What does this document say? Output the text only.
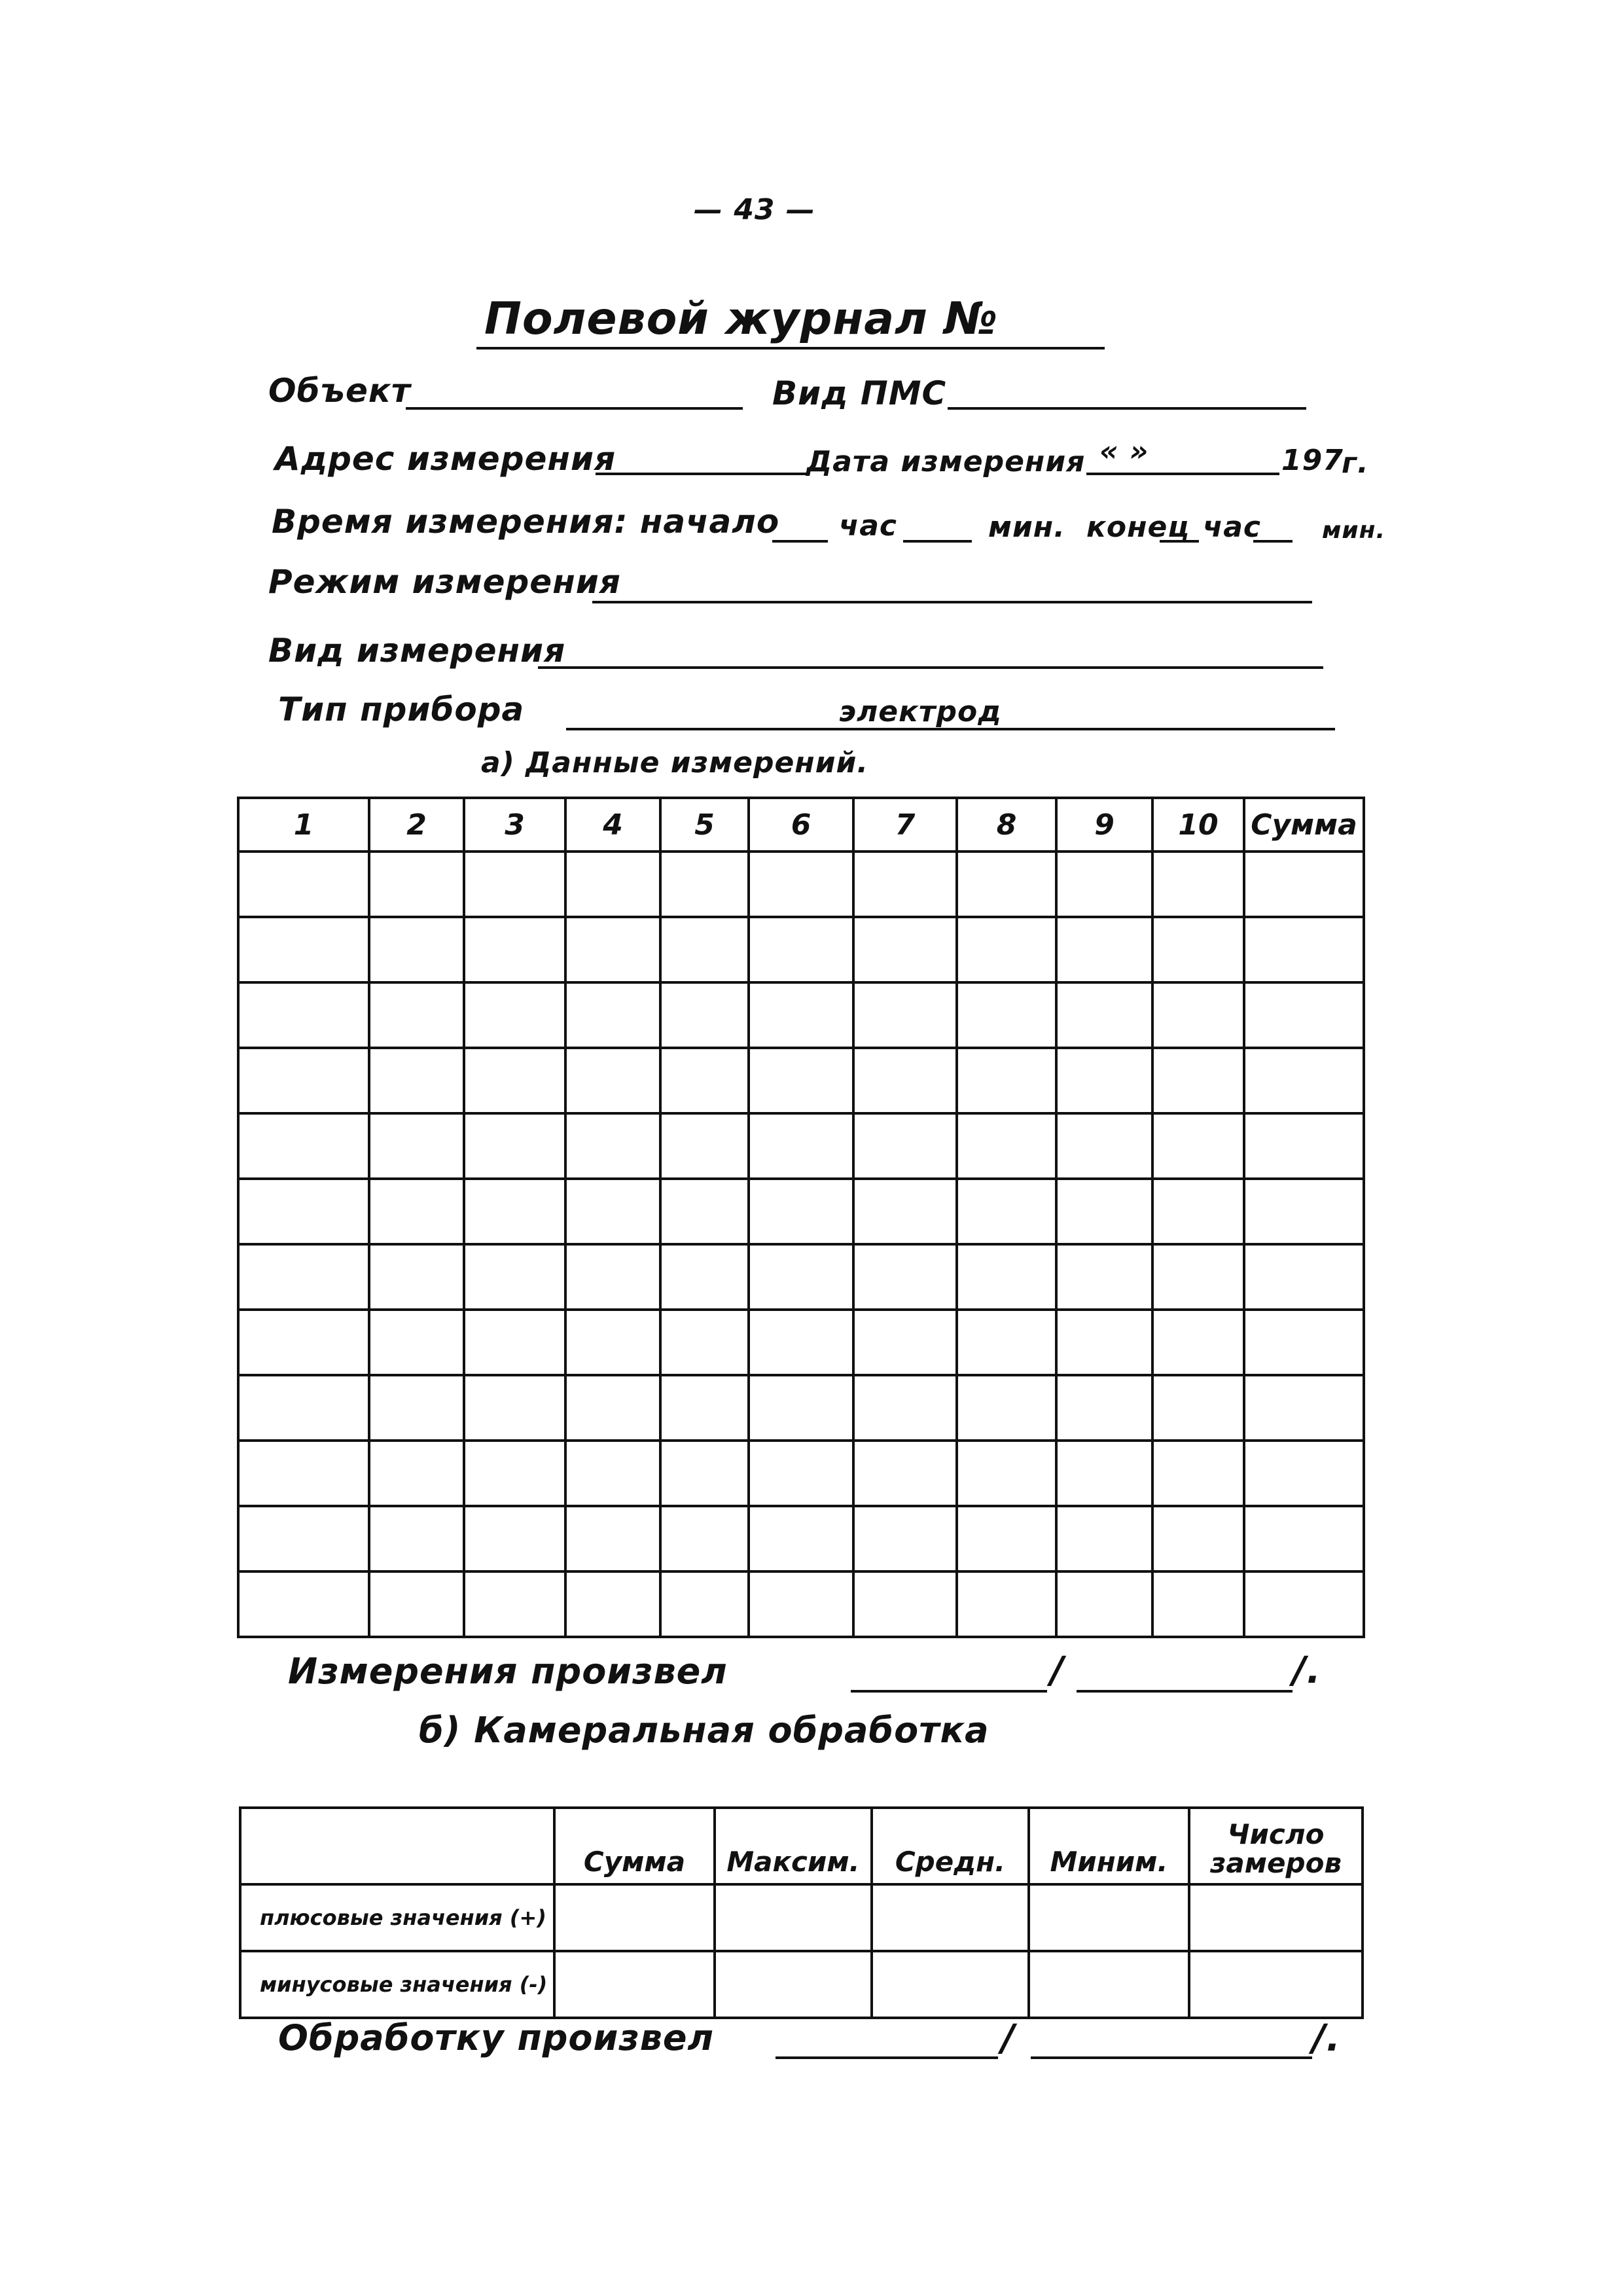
— 43 —
Полевой журнал №
Объект	Вид ПМС
Адрес измерения	Дата измерения « »	197
г.
Время измерения: начало час	мин. конец час	мин.
Режим измерения
Вид измерения
Тип прибора	электрод
а) Данные измерений.
1	2	3	4	5	6	7	8	9	10	Сумма

Измерения произвел	/	/.
б) Камеральная обработка
	Сумма	Максим.	Средн.	Миним.	Число замеров
плюсовые значения (+)					
минусовые значения (-)					
Обработку произвел	/	/.
